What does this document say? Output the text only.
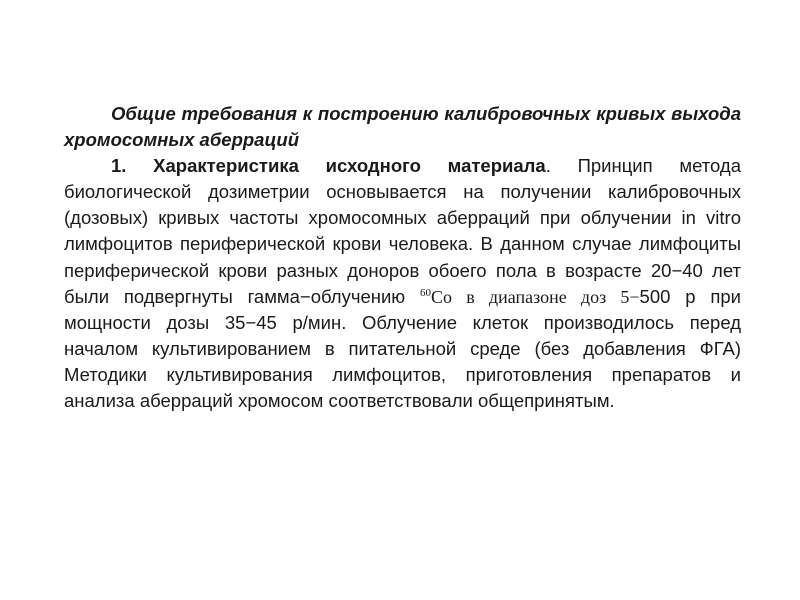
Общие требования к построению калибровочных кривых выхода хромосомных аберраций

1. Характеристика исходного материала. Принцип метода биологической дозиметрии основывается на получении калибровочных (дозовых) кривых частоты хромосомных аберраций при облучении in vitro лимфоцитов периферической крови человека. В данном случае лимфоциты периферической крови разных доноров обоего пола в возрасте 20−40 лет были подвергнуты гамма−облучению $^{60}$Со в диапазоне доз 5−500 р при мощности дозы 35−45 р/мин. Облучение клеток производилось перед началом культивированием в питательной среде (без добавления ФГА) Методики культивирования лимфоцитов, приготовления препаратов и анализа аберраций хромосом соответствовали общепринятым.
